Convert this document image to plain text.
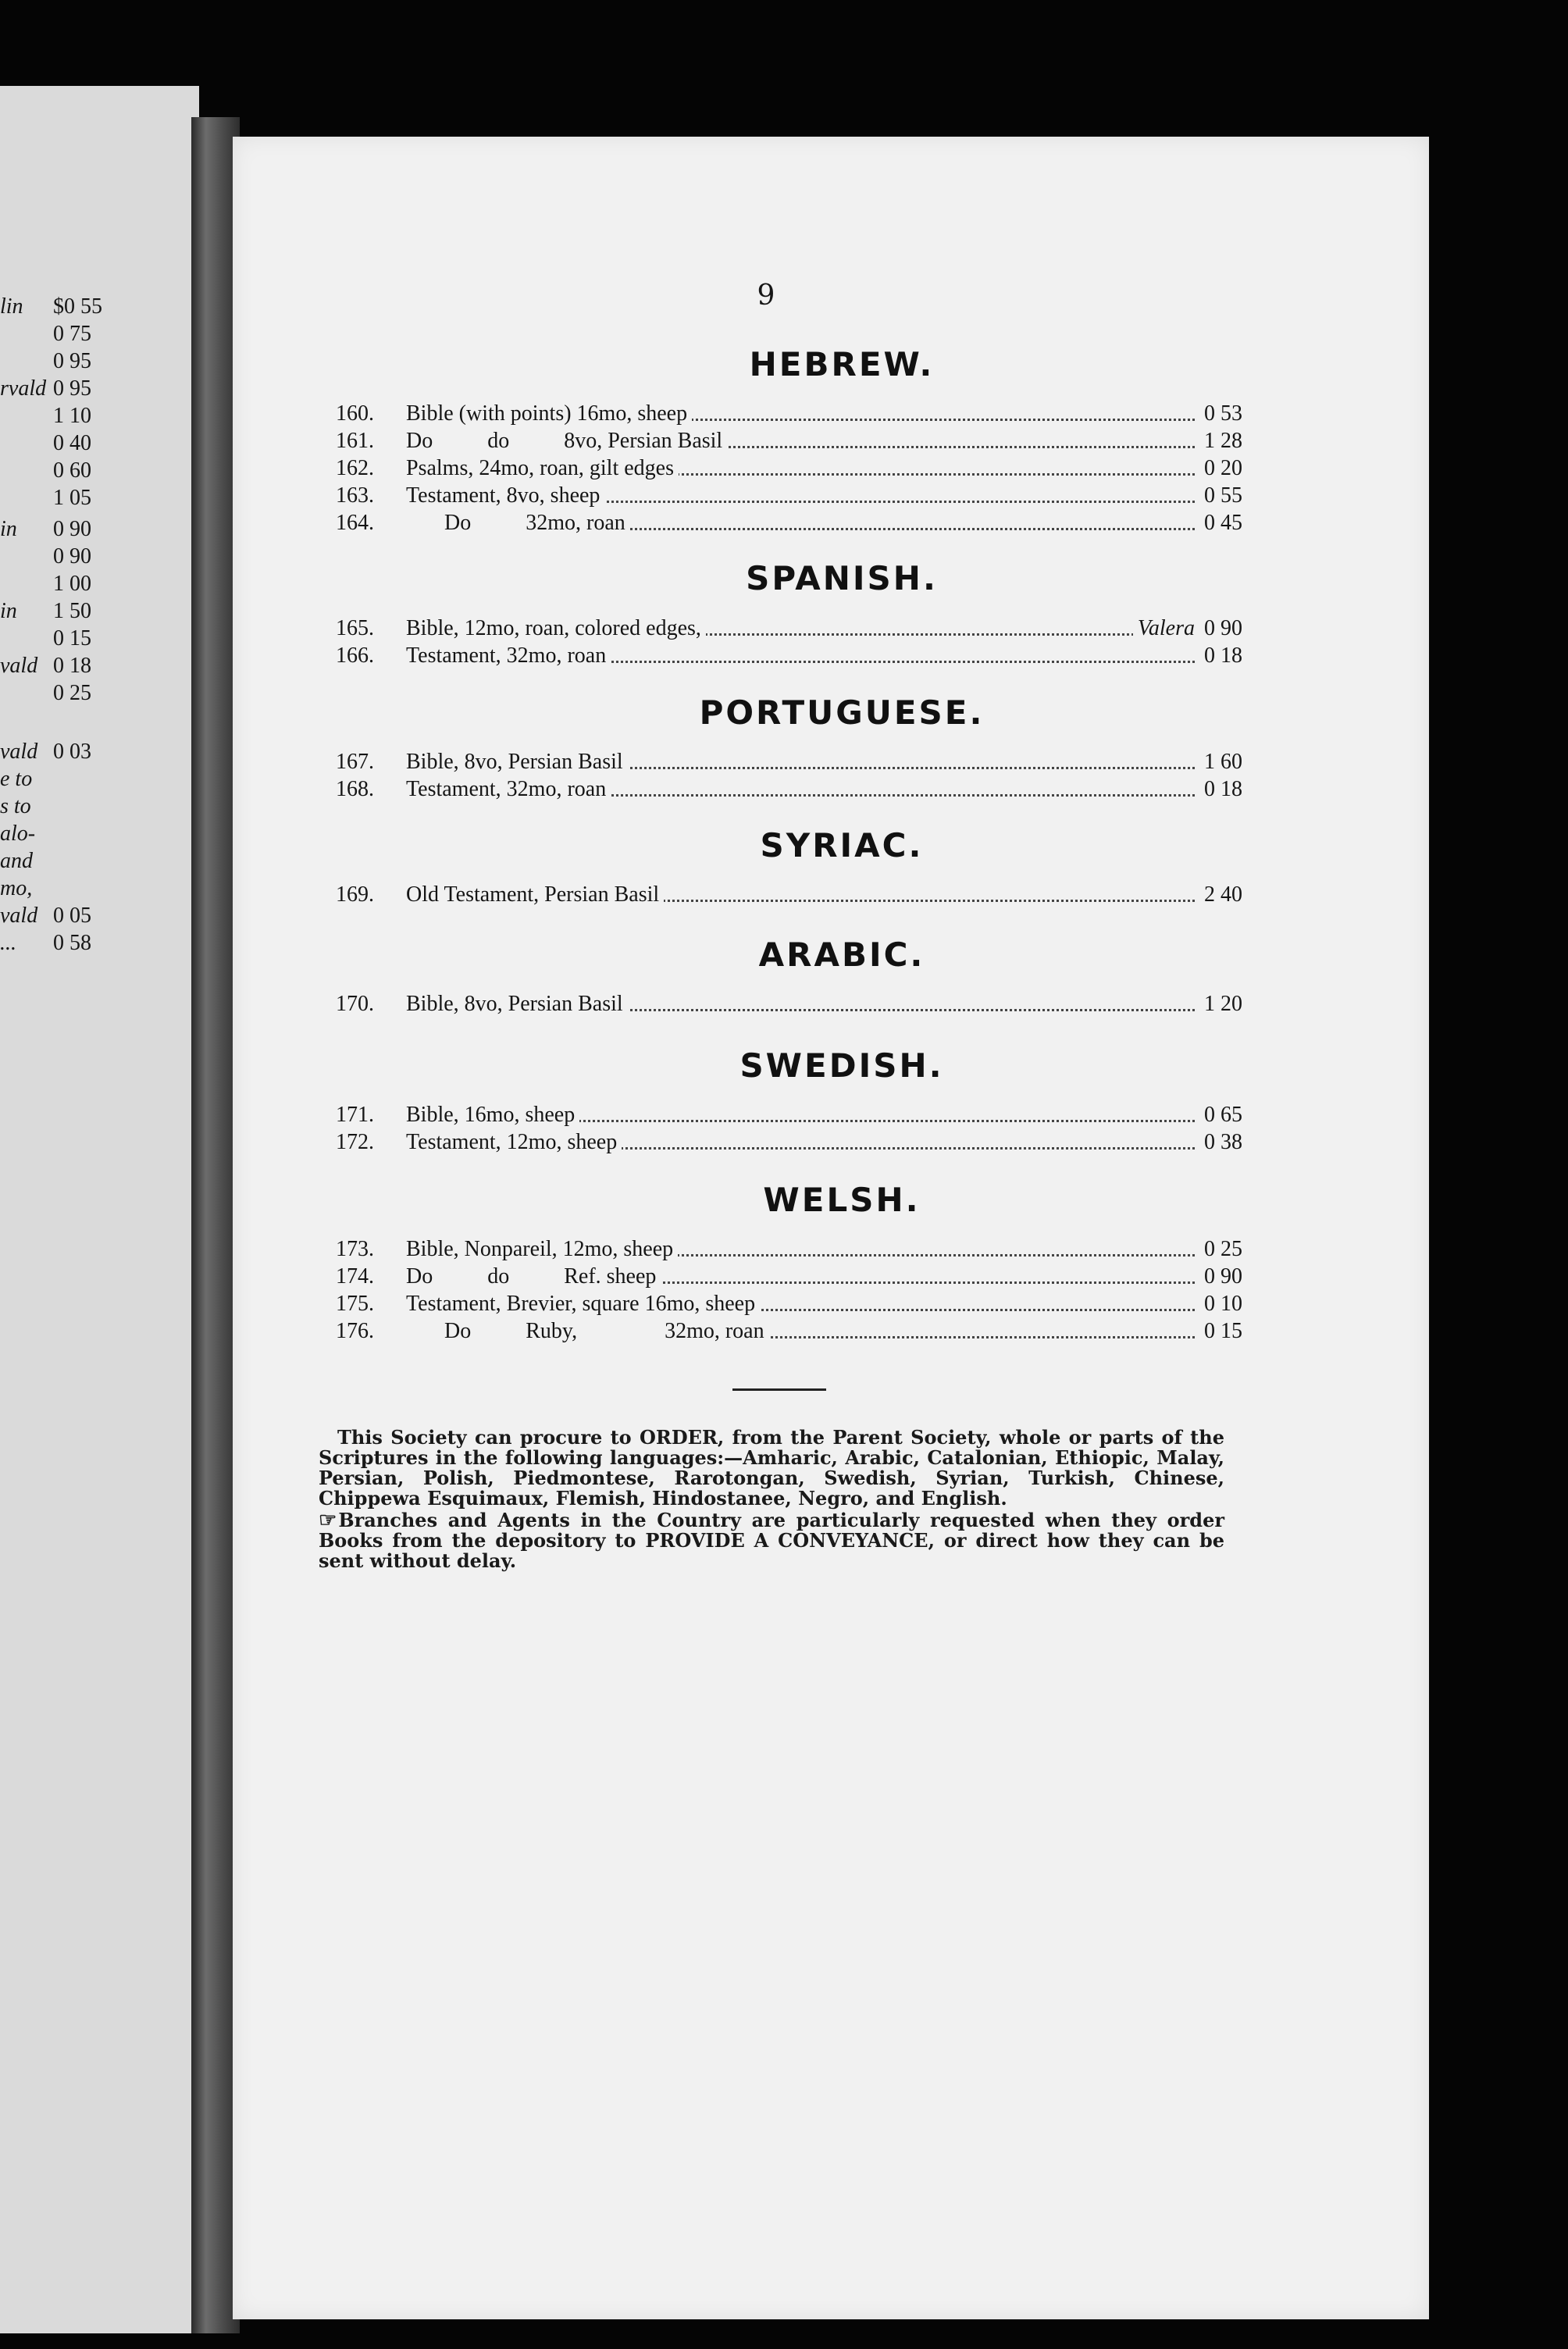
lin $0 55
0 75
0 95
rvald 0 95
1 10
0 40
0 60
1 05
in 0 90
0 90
1 00
in 1 50
0 15
vald 0 18
0 25
vald 0 03
e to
s to
alo-
and
mo,
vald 0 05
... 0 58
9
HEBREW.
160.	Bible (with points) 16mo, sheep	0 53
161.	Do          do          8vo, Persian Basil	1 28
162.	Psalms, 24mo, roan, gilt edges	0 20
163.	Testament, 8vo, sheep	0 55
164.	Do          32mo, roan	0 45
SPANISH.
165.	Bible, 12mo, roan, colored edges,	Valera 0 90
166.	Testament, 32mo, roan	0 18
PORTUGUESE.
167.	Bible, 8vo, Persian Basil	1 60
168.	Testament, 32mo, roan	0 18
SYRIAC.
169.	Old Testament, Persian Basil	2 40
ARABIC.
170.	Bible, 8vo, Persian Basil	1 20
SWEDISH.
171.	Bible, 16mo, sheep	0 65
172.	Testament, 12mo, sheep	0 38
WELSH.
173.	Bible, Nonpareil, 12mo, sheep	0 25
174.	Do          do          Ref. sheep	0 90
175.	Testament, Brevier, square 16mo, sheep	0 10
176.	Do          Ruby,                32mo, roan	0 15
This Society can procure to ORDER, from the Parent Society, whole or parts of the Scriptures in the following languages:—Amharic, Arabic, Catalonian, Ethiopic, Malay, Persian, Polish, Piedmontese, Rarotongan, Swedish, Syrian, Turkish, Chinese, Chippewa Esquimaux, Flemish, Hindostanee, Negro, and English.
☞Branches and Agents in the Country are particularly requested when they order Books from the depository to PROVIDE A CONVEYANCE, or direct how they can be sent without delay.
